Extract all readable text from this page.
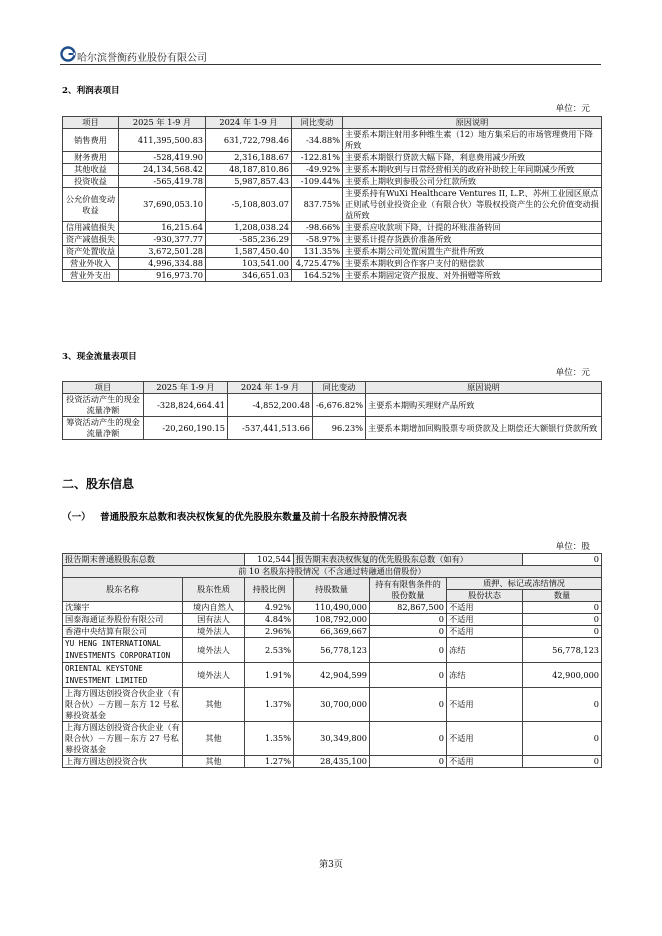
哈尔滨誉衡药业股份有限公司
2、利润表项目
单位：元
项目	2025 年 1-9 月	2024 年 1-9 月	同比变动	原因说明
销售费用	411,395,500.83	631,722,798.46	-34.88%	主要系本期注射用多种维生素（12）地方集采后的市场管理费用下降所致
财务费用	-528,419.90	2,316,188.67	-122.81%	主要系本期银行贷款大幅下降，利息费用减少所致
其他收益	24,134,568.42	48,187,810.86	-49.92%	主要系本期收到与日常经营相关的政府补助较上年同期减少所致
投资收益	-565,419.78	5,987,857.43	-109.44%	主要系上期收到参股公司分红款所致
公允价值变动收益	37,690,053.10	-5,108,803.07	837.75%	主要系持有WuXi Healthcare Ventures II, L.P.、苏州工业园区原点正则贰号创业投资企业（有限合伙）等股权投资产生的公允价值变动损益所致
信用减值损失	16,215.64	1,208,038.24	-98.66%	主要系应收款项下降，计提的坏账准备转回
资产减值损失	-930,377.77	-585,236.29	-58.97%	主要系计提存货跌价准备所致
资产处置收益	3,672,501.28	1,587,450.40	131.35%	主要系本期公司处置闲置生产批件所致
营业外收入	4,996,334.88	103,541.00	4,725.47%	主要系本期收到合作客户支付的赔偿款
营业外支出	916,973.70	346,651.03	164.52%	主要系本期固定资产报废、对外捐赠等所致
3、现金流量表项目
单位：元
项目	2025 年 1-9 月	2024 年 1-9 月	同比变动	原因说明
投资活动产生的现金流量净额	-328,824,664.41	-4,852,200.48	-6,676.82%	主要系本期购买理财产品所致
筹资活动产生的现金流量净额	-20,260,190.15	-537,441,513.66	96.23%	主要系本期增加回购股票专项贷款及上期偿还大额银行贷款所致
二、股东信息
（一） 普通股股东总数和表决权恢复的优先股股东数量及前十名股东持股情况表
单位：股
报告期末普通股股东总数		102,544	报告期末表决权恢复的优先股股东总数（如有）			0
前 10 名股东持股情况（不含通过转融通出借股份）						
股东名称	股东性质	持股比例	持股数量	持有有限售条件的股份数量	质押、标记或冻结情况	
					股份状态	数量
沈臻宇	境内自然人	4.92%	110,490,000	82,867,500	不适用	0
国泰海通证券股份有限公司	国有法人	4.84%	108,792,000	0	不适用	0
香港中央结算有限公司	境外法人	2.96%	66,369,667	0	不适用	0
YU HENG INTERNATIONAL INVESTMENTS CORPORATION	境外法人	2.53%	56,778,123	0	冻结	56,778,123
ORIENTAL KEYSTONE INVESTMENT LIMITED	境外法人	1.91%	42,904,599	0	冻结	42,900,000
上海方圆达创投资合伙企业（有限合伙）－方圆－东方 12 号私募投资基金	其他	1.37%	30,700,000	0	不适用	0
上海方圆达创投资合伙企业（有限合伙）－方圆－东方 27 号私募投资基金	其他	1.35%	30,349,800	0	不适用	0
上海方圆达创投资合伙	其他	1.27%	28,435,100	0	不适用	0
第3页
